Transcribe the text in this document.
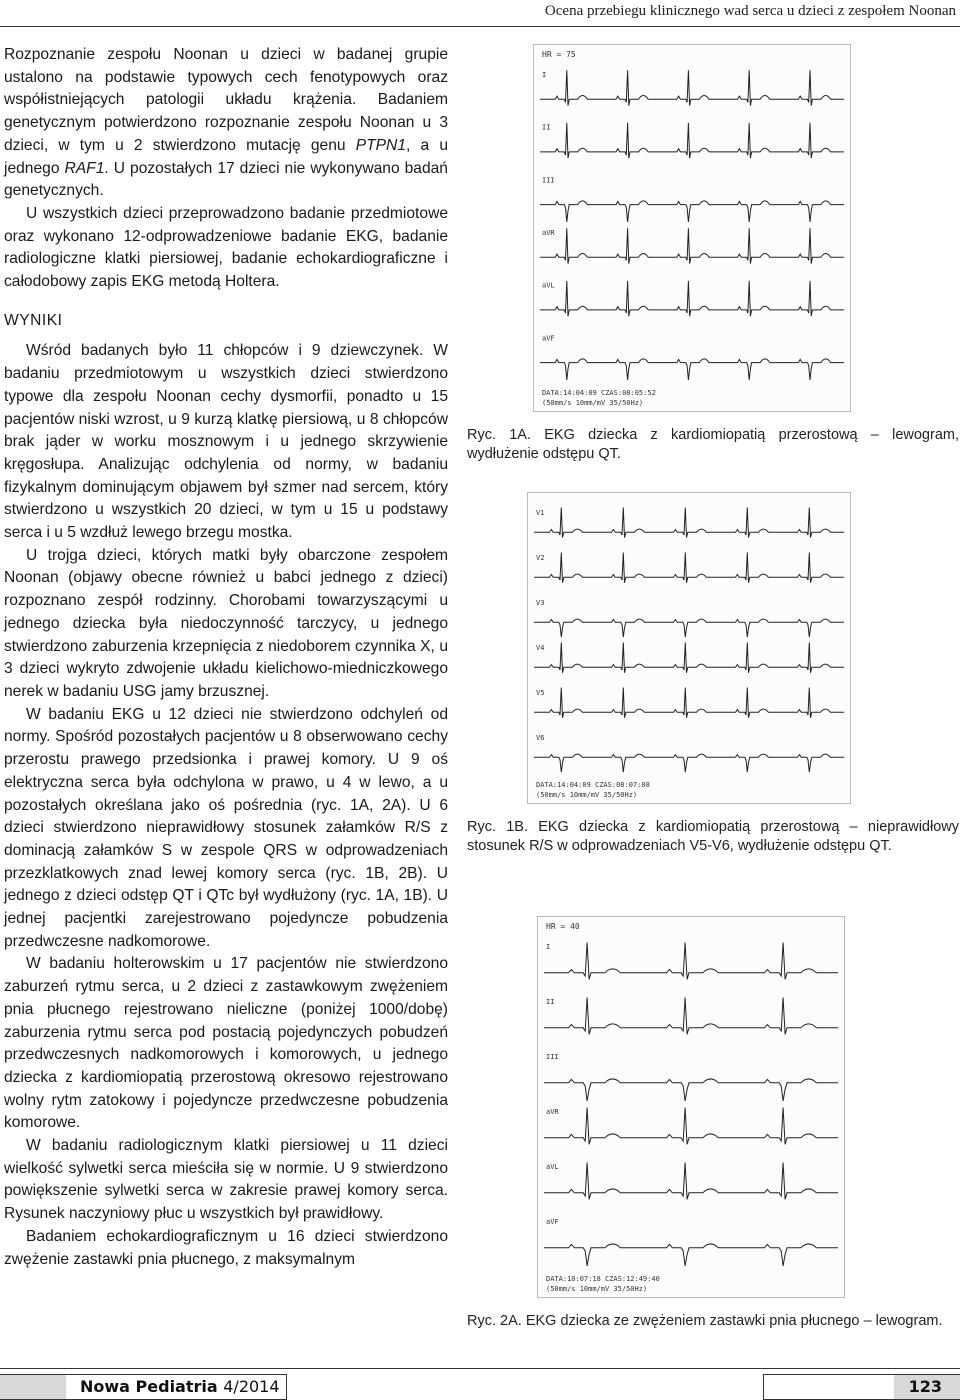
Ocena przebiegu klinicznego wad serca u dzieci z zespołem Noonan

Rozpoznanie zespołu Noonan u dzieci w badanej grupie ustalono na podstawie typowych cech fenotypowych oraz współistniejących patologii układu krążenia. Badaniem genetycznym potwierdzono rozpoznanie zespołu Noonan u 3 dzieci, w tym u 2 stwierdzono mutację genu PTPN1, a u jednego RAF1. U pozostałych 17 dzieci nie wykonywano badań genetycznych.

U wszystkich dzieci przeprowadzono badanie przedmiotowe oraz wykonano 12-odprowadzeniowe badanie EKG, badanie radiologiczne klatki piersiowej, badanie echokardiograficzne i całodobowy zapis EKG metodą Holtera.

WYNIKI

Wśród badanych było 11 chłopców i 9 dziewczynek. W badaniu przedmiotowym u wszystkich dzieci stwierdzono typowe dla zespołu Noonan cechy dysmorfii, ponadto u 15 pacjentów niski wzrost, u 9 kurzą klatkę piersiową, u 8 chłopców brak jąder w worku mosznowym i u jednego skrzywienie kręgosłupa. Analizując odchylenia od normy, w badaniu fizykalnym dominującym objawem był szmer nad sercem, który stwierdzono u wszystkich 20 dzieci, w tym u 15 u podstawy serca i u 5 wzdłuż lewego brzegu mostka.

U trojga dzieci, których matki były obarczone zespołem Noonan (objawy obecne również u babci jednego z dzieci) rozpoznano zespół rodzinny. Chorobami towarzyszącymi u jednego dziecka była niedoczynność tarczycy, u jednego stwierdzono zaburzenia krzepnięcia z niedoborem czynnika X, u 3 dzieci wykryto zdwojenie układu kielichowo-miedniczkowego nerek w badaniu USG jamy brzusznej.

W badaniu EKG u 12 dzieci nie stwierdzono odchyleń od normy. Spośród pozostałych pacjentów u 8 obserwowano cechy przerostu prawego przedsionka i prawej komory. U 9 oś elektryczna serca była odchylona w prawo, u 4 w lewo, a u pozostałych określana jako oś pośrednia (ryc. 1A, 2A). U 6 dzieci stwierdzono nieprawidłowy stosunek załamków R/S z dominacją załamków S w zespole QRS w odprowadzeniach przezklatkowych znad lewej komory serca (ryc. 1B, 2B). U jednego z dzieci odstęp QT i QTc był wydłużony (ryc. 1A, 1B). U jednej pacjentki zarejestrowano pojedyncze pobudzenia przedwczesne nadkomorowe.

W badaniu holterowskim u 17 pacjentów nie stwierdzono zaburzeń rytmu serca, u 2 dzieci z zastawkowym zwężeniem pnia płucnego rejestrowano nieliczne (poniżej 1000/dobę) zaburzenia rytmu serca pod postacią pojedynczych pobudzeń przedwczesnych nadkomorowych i komorowych, u jednego dziecka z kardiomiopatią przerostową okresowo rejestrowano wolny rytm zatokowy i pojedyncze przedwczesne pobudzenia komorowe.

W badaniu radiologicznym klatki piersiowej u 11 dzieci wielkość sylwetki serca mieściła się w normie. U 9 stwierdzono powiększenie sylwetki serca w zakresie prawej komory serca. Rysunek naczyniowy płuc u wszystkich był prawidłowy.

Badaniem echokardiograficznym u 16 dzieci stwierdzono zwężenie zastawki pnia płucnego, z maksymalnym

HR = 75
I
II
III
aVR
aVL
aVF
DATA:14:04:09 CZAS:08:05:52
(50mm/s 10mm/mV 35/50Hz)
Ryc. 1A. EKG dziecka z kardiomiopatią przerostową – lewogram, wydłużenie odstępu QT.
V1
V2
V3
V4
V5
V6
DATA:14:04:09 CZAS:08:07:08
(50mm/s 10mm/mV 35/50Hz)
Ryc. 1B. EKG dziecka z kardiomiopatią przerostową – nieprawidłowy stosunek R/S w odprowadzeniach V5-V6, wydłużenie odstępu QT.
HR = 40
I
II
III
aVR
aVL
aVF
DATA:10:07:18 CZAS:12:49:40
(50mm/s 10mm/mV 35/50Hz)
Ryc. 2A. EKG dziecka ze zwężeniem zastawki pnia płucnego – lewogram.
Nowa Pediatria 4/2014	123
